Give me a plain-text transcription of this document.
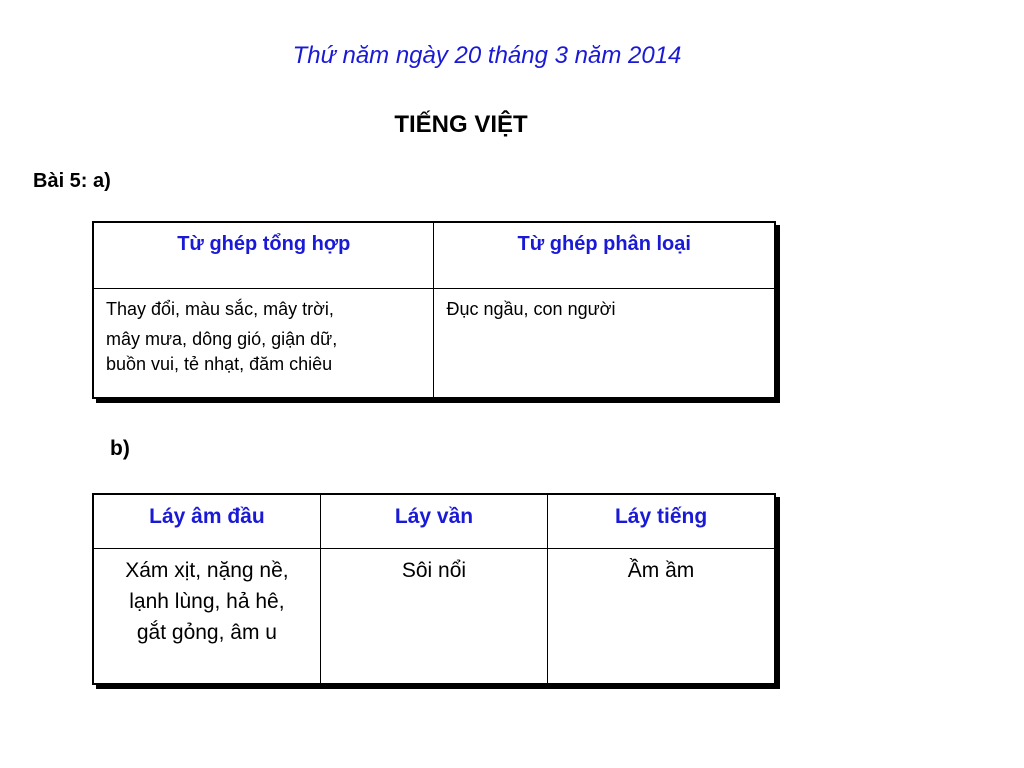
Thứ năm ngày 20 tháng 3 năm 2014
TIẾNG VIỆT
Bài 5: a)
Từ ghép tổng hợp	Từ ghép phân loại

Thay đổi, màu sắc, mây trời,
mây mưa, dông gió, giận dữ,
buồn vui, tẻ nhạt, đăm chiêu	Đục ngầu, con người
b)
Láy âm đầu	Láy vần	Láy tiếng

Xám xịt, nặng nề,
lạnh lùng, hả hê,
gắt gỏng, âm u	Sôi nổi	Ầm ầm
